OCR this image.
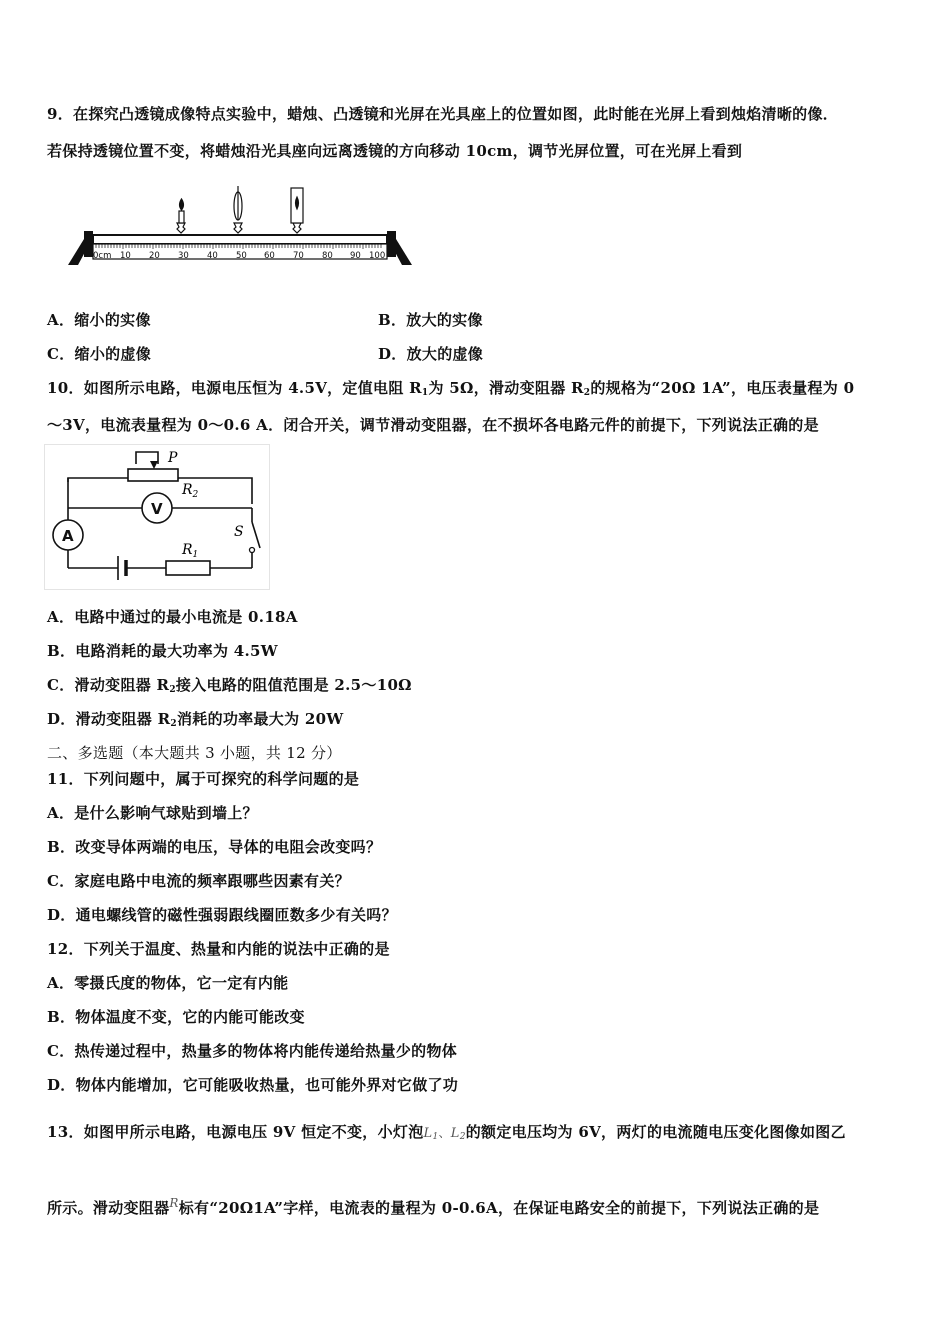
9．在探究凸透镜成像特点实验中，蜡烛、凸透镜和光屏在光具座上的位置如图，此时能在光屏上看到烛焰清晰的像．
若保持透镜位置不变，将蜡烛沿光具座向远离透镜的方向移动 10cm，调节光屏位置，可在光屏上看到
0cm 10 20 30 40 50 60 70 80 90 100
A．缩小的实像	B．放大的实像
C．缩小的虚像	D．放大的虚像
10．如图所示电路，电源电压恒为 4.5V，定值电阻 $R_1$为 5Ω，滑动变阻器 $R_2$的规格为“20Ω 1A”，电压表量程为 0
～3V，电流表量程为 0～0.6 A．闭合开关，调节滑动变阻器，在不损坏各电路元件的前提下，下列说法正确的是
P
$R_2$
V
A	S
$R_1$
A．电路中通过的最小电流是 0.18A
B．电路消耗的最大功率为 4.5W
C．滑动变阻器 $R_2$接入电路的阻值范围是 2.5～10Ω
D．滑动变阻器 $R_2$消耗的功率最大为 20W
二、多选题（本大题共 3 小题，共 12 分）
11．下列问题中，属于可探究的科学问题的是
A．是什么影响气球贴到墙上？
B．改变导体两端的电压，导体的电阻会改变吗？
C．家庭电路中电流的频率跟哪些因素有关？
D．通电螺线管的磁性强弱跟线圈匝数多少有关吗？
12．下列关于温度、热量和内能的说法中正确的是
A．零摄氏度的物体，它一定有内能
B．物体温度不变，它的内能可能改变
C．热传递过程中，热量多的物体将内能传递给热量少的物体
D．物体内能增加，它可能吸收热量，也可能外界对它做了功
13．如图甲所示电路，电源电压 9V 恒定不变，小灯泡$L_1$、$L_2$的额定电压均为 6V，两灯的电流随电压变化图像如图乙
所示。滑动变阻器$^R$标有“20Ω1A”字样，电流表的量程为 0-0.6A，在保证电路安全的前提下，下列说法正确的是
